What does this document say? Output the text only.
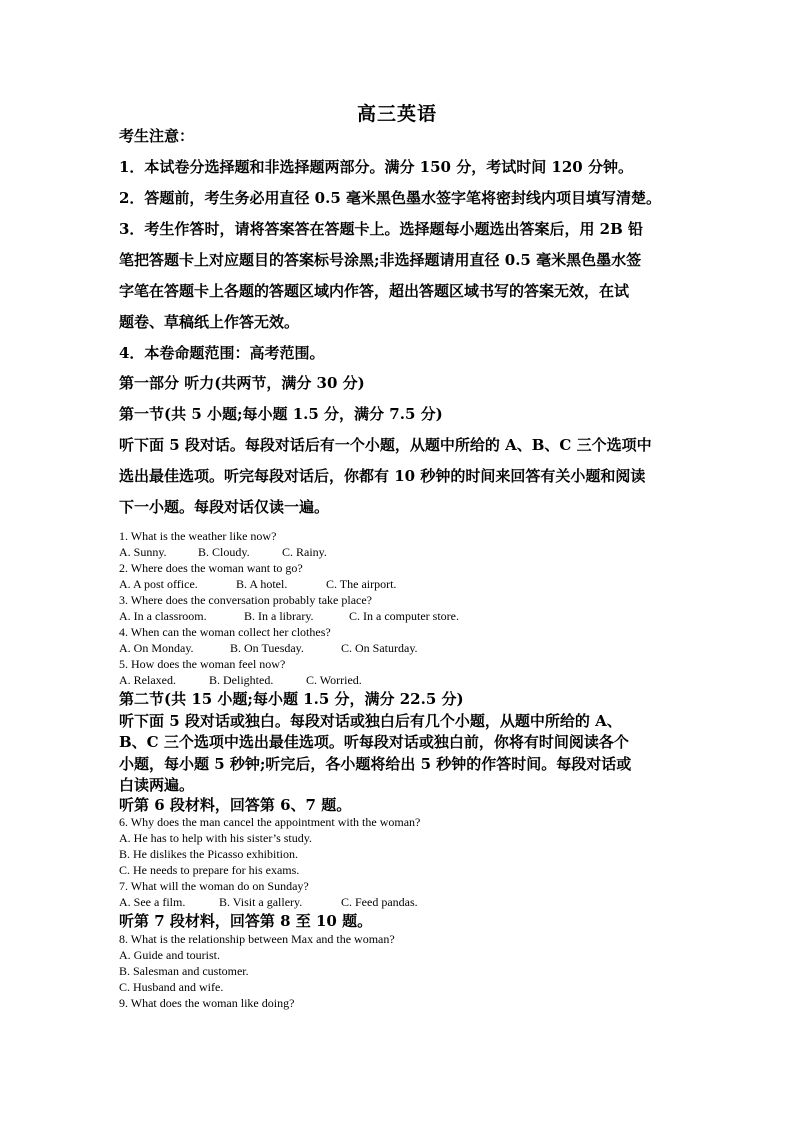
高三英语
考生注意：
1．本试卷分选择题和非选择题两部分。满分 150 分，考试时间 120 分钟。
2．答题前，考生务必用直径 0.5 毫米黑色墨水签字笔将密封线内项目填写清楚。
3．考生作答时，请将答案答在答题卡上。选择题每小题选出答案后，用 2B 铅
笔把答题卡上对应题目的答案标号涂黑;非选择题请用直径 0.5 毫米黑色墨水签
字笔在答题卡上各题的答题区域内作答，超出答题区域书写的答案无效，在试
题卷、草稿纸上作答无效。
4．本卷命题范围：高考范围。
第一部分 听力(共两节，满分 30 分)
第一节(共 5 小题;每小题 1.5 分，满分 7.5 分)
听下面 5 段对话。每段对话后有一个小题，从题中所给的 A、B、C 三个选项中
选出最佳选项。听完每段对话后，你都有 10 秒钟的时间来回答有关小题和阅读
下一小题。每段对话仅读一遍。
1. What is the weather like now?
A. Sunny.	B. Cloudy.	C. Rainy.
2. Where does the woman want to go?
A. A post office.	B. A hotel.	C. The airport.
3. Where does the conversation probably take place?
A. In a classroom.	B. In a library.	C. In a computer store.
4. When can the woman collect her clothes?
A. On Monday.	B. On Tuesday.	C. On Saturday.
5. How does the woman feel now?
A. Relaxed.	B. Delighted.	C. Worried.
第二节(共 15 小题;每小题 1.5 分，满分 22.5 分)
听下面 5 段对话或独白。每段对话或独白后有几个小题，从题中所给的 A、
B、C 三个选项中选出最佳选项。听每段对话或独白前，你将有时间阅读各个
小题，每小题 5 秒钟;听完后，各小题将给出 5 秒钟的作答时间。每段对话或
白读两遍。
听第 6 段材料，回答第 6、7 题。
6. Why does the man cancel the appointment with the woman?
A. He has to help with his sister’s study.
B. He dislikes the Picasso exhibition.
C. He needs to prepare for his exams.
7. What will the woman do on Sunday?
A. See a film.	B. Visit a gallery.	C. Feed pandas.
听第 7 段材料，回答第 8 至 10 题。
8. What is the relationship between Max and the woman?
A. Guide and tourist.
B. Salesman and customer.
C. Husband and wife.
9. What does the woman like doing?
